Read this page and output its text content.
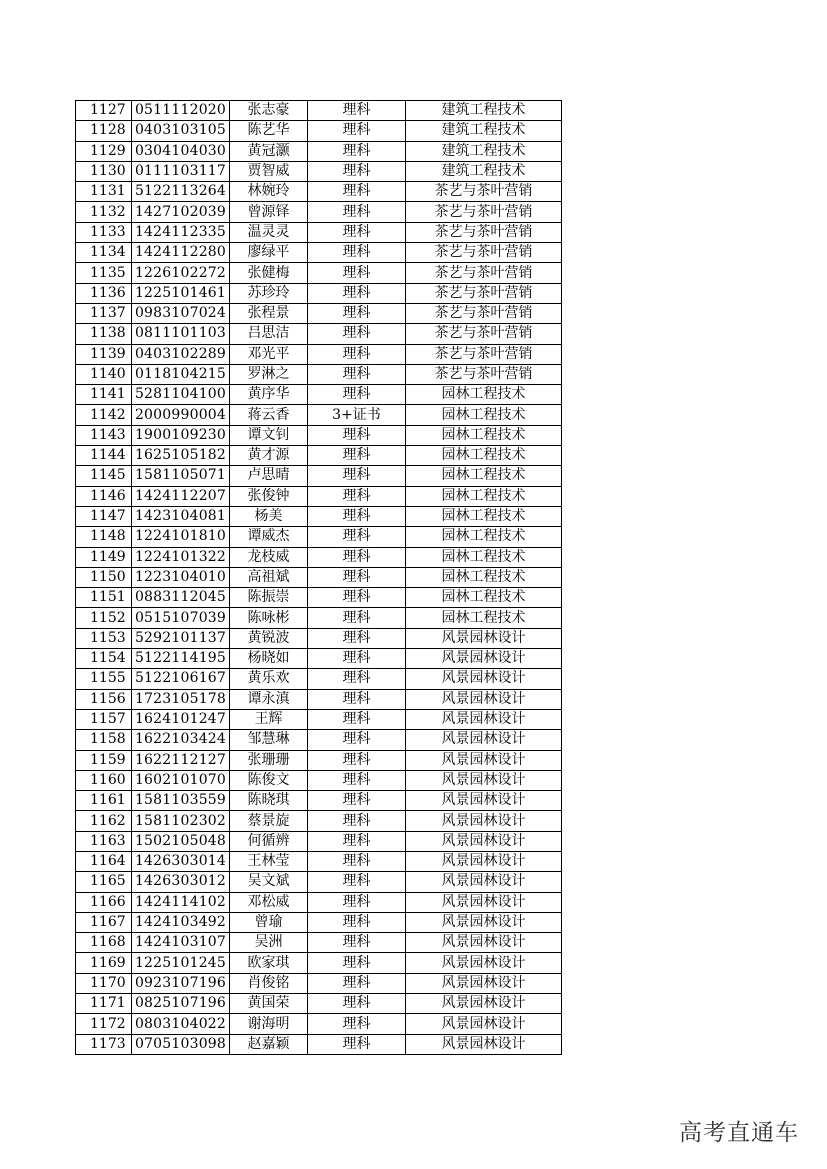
1127	0511112020	张志豪	理科	建筑工程技术
1128	0403103105	陈艺华	理科	建筑工程技术
1129	0304104030	黄冠灏	理科	建筑工程技术
1130	0111103117	贾智威	理科	建筑工程技术
1131	5122113264	林婉玲	理科	茶艺与茶叶营销
1132	1427102039	曾源铎	理科	茶艺与茶叶营销
1133	1424112335	温灵灵	理科	茶艺与茶叶营销
1134	1424112280	廖绿平	理科	茶艺与茶叶营销
1135	1226102272	张健梅	理科	茶艺与茶叶营销
1136	1225101461	苏珍玲	理科	茶艺与茶叶营销
1137	0983107024	张程景	理科	茶艺与茶叶营销
1138	0811101103	吕思洁	理科	茶艺与茶叶营销
1139	0403102289	邓光平	理科	茶艺与茶叶营销
1140	0118104215	罗淋之	理科	茶艺与茶叶营销
1141	5281104100	黄序华	理科	园林工程技术
1142	2000990004	蒋云香	3+证书	园林工程技术
1143	1900109230	谭文钊	理科	园林工程技术
1144	1625105182	黄才源	理科	园林工程技术
1145	1581105071	卢思晴	理科	园林工程技术
1146	1424112207	张俊钟	理科	园林工程技术
1147	1423104081	杨美	理科	园林工程技术
1148	1224101810	谭威杰	理科	园林工程技术
1149	1224101322	龙枝威	理科	园林工程技术
1150	1223104010	高祖斌	理科	园林工程技术
1151	0883112045	陈振崇	理科	园林工程技术
1152	0515107039	陈咏彬	理科	园林工程技术
1153	5292101137	黄锐波	理科	风景园林设计
1154	5122114195	杨晓如	理科	风景园林设计
1155	5122106167	黄乐欢	理科	风景园林设计
1156	1723105178	谭永滇	理科	风景园林设计
1157	1624101247	王辉	理科	风景园林设计
1158	1622103424	邹慧琳	理科	风景园林设计
1159	1622112127	张珊珊	理科	风景园林设计
1160	1602101070	陈俊文	理科	风景园林设计
1161	1581103559	陈晓琪	理科	风景园林设计
1162	1581102302	蔡景旋	理科	风景园林设计
1163	1502105048	何循辨	理科	风景园林设计
1164	1426303014	王林莹	理科	风景园林设计
1165	1426303012	吴文斌	理科	风景园林设计
1166	1424114102	邓松威	理科	风景园林设计
1167	1424103492	曾瑜	理科	风景园林设计
1168	1424103107	吴洲	理科	风景园林设计
1169	1225101245	欧家琪	理科	风景园林设计
1170	0923107196	肖俊铭	理科	风景园林设计
1171	0825107196	黄国荣	理科	风景园林设计
1172	0803104022	谢海明	理科	风景园林设计
1173	0705103098	赵嘉颖	理科	风景园林设计
高考直通车
